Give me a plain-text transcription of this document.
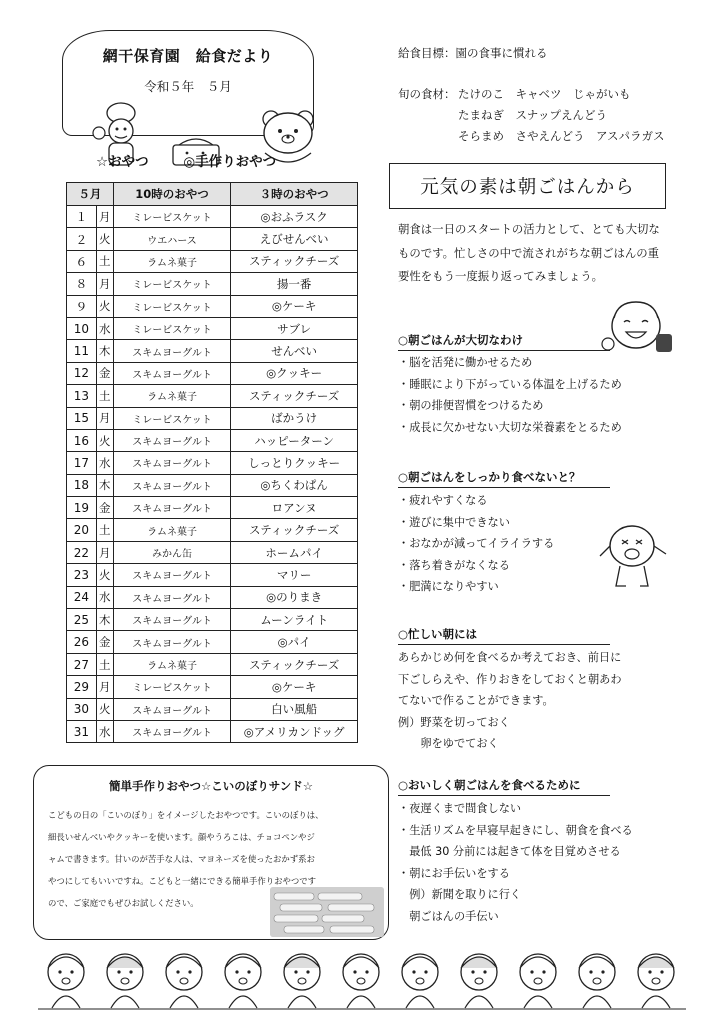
網干保育園　給食だより
令和５年　５月
☆おやつ	◎手作りおやつ
５月		10時のおやつ	３時のおやつ
１	月	ミレービスケット	◎おふラスク
２	火	ウエハース	えびせんべい
６	土	ラムネ菓子	スティックチーズ
８	月	ミレービスケット	揚一番
９	火	ミレービスケット	◎ケーキ
10	水	ミレービスケット	サブレ
11	木	スキムヨーグルト	せんべい
12	金	スキムヨーグルト	◎クッキー
13	土	ラムネ菓子	スティックチーズ
15	月	ミレービスケット	ばかうけ
16	火	スキムヨーグルト	ハッピーターン
17	水	スキムヨーグルト	しっとりクッキー
18	木	スキムヨーグルト	◎ちくわぱん
19	金	スキムヨーグルト	ロアンヌ
20	土	ラムネ菓子	スティックチーズ
22	月	みかん缶	ホームパイ
23	火	スキムヨーグルト	マリー
24	水	スキムヨーグルト	◎のりまき
25	木	スキムヨーグルト	ムーンライト
26	金	スキムヨーグルト	◎パイ
27	土	ラムネ菓子	スティックチーズ
29	月	ミレービスケット	◎ケーキ
30	火	スキムヨーグルト	白い風船
31	水	スキムヨーグルト	◎アメリカンドッグ
簡単手作りおやつ☆こいのぼりサンド☆
こどもの日の「こいのぼり」をイメージしたおやつです。こいのぼりは、
細長いせんべいやクッキーを使います。顔やうろこは、チョコペンやジ
ャムで書きます。甘いのが苦手な人は、マヨネーズを使ったおかず系お
やつにしてもいいですね。こどもと一緒にできる簡単手作りおやつです
ので、ご家庭でもぜひお試しください。
給食目標：園の食事に慣れる
旬の食材： たけのこ　キャベツ　じゃがいも
たまねぎ　スナップえんどう
そらまめ　さやえんどう　アスパラガス
元気の素は朝ごはんから
朝食は一日のスタートの活力として、とても大切なものです。忙しさの中で流されがちな朝ごはんの重要性をもう一度振り返ってみましょう。
○朝ごはんが大切なわけ
・脳を活発に働かせるため
・睡眠により下がっている体温を上げるため
・朝の排便習慣をつけるため
・成長に欠かせない大切な栄養素をとるため
○朝ごはんをしっかり食べないと？
・疲れやすくなる
・遊びに集中できない
・おなかが減ってイライラする
・落ち着きがなくなる
・肥満になりやすい
○忙しい朝には
あらかじめ何を食べるか考えておき、前日に
下ごしらえや、作りおきをしておくと朝あわ
てないで作ることができます。
例）野菜を切っておく
　　卵をゆでておく
○おいしく朝ごはんを食べるために
・夜遅くまで間食しない
・生活リズムを早寝早起きにし、朝食を食べる
　最低 30 分前には起きて体を目覚めさせる
・朝にお手伝いをする
　例）新聞を取りに行く
　朝ごはんの手伝い
